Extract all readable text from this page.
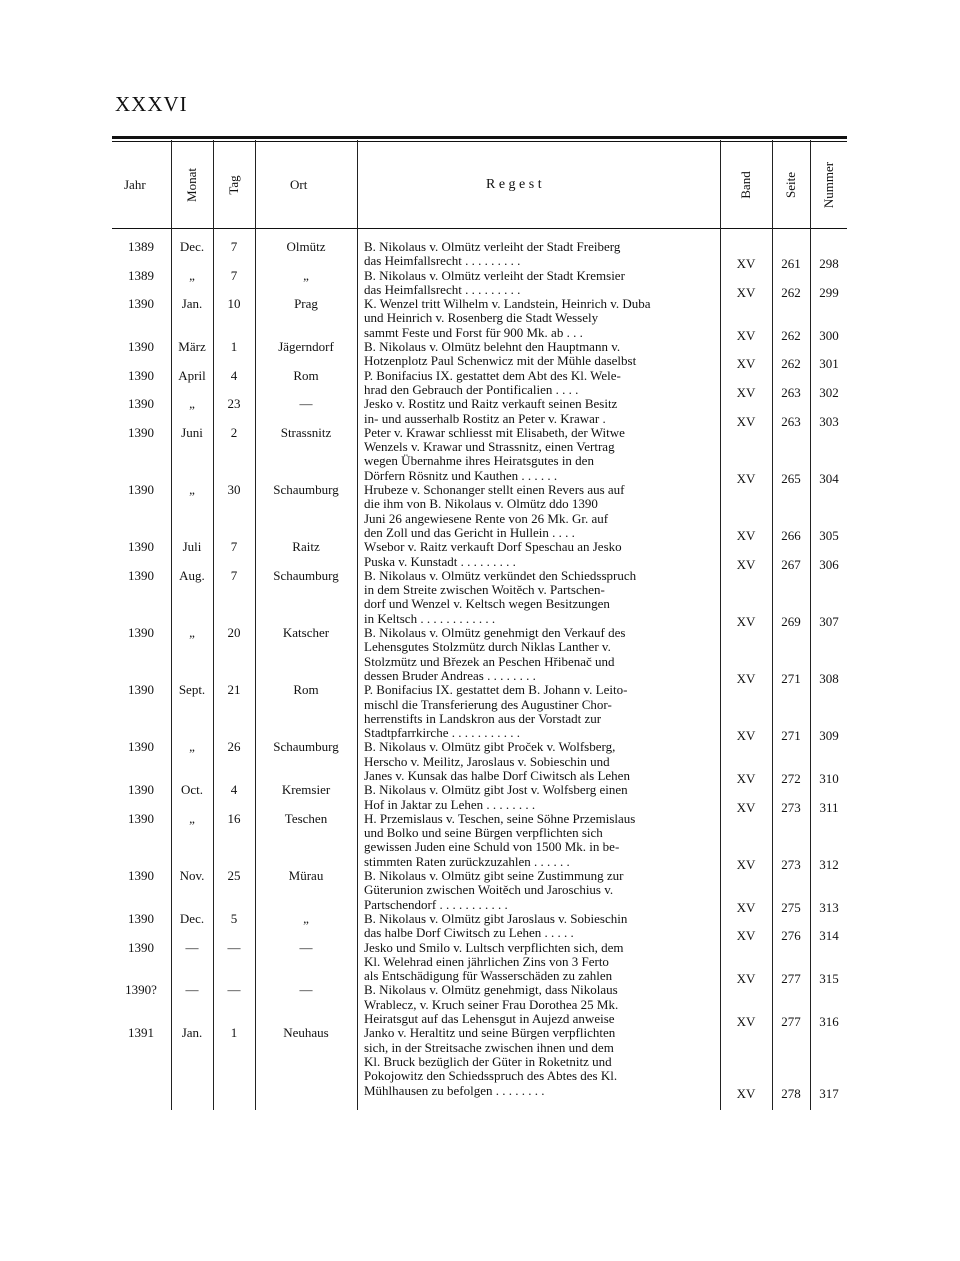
XXXVI
Jahr	Monat Tag	Ort	R e g e s t	Band Seite Nummer
1389	Dec.	7	Olmütz	B. Nikolaus v. Olmütz verleiht der Stadt Freiberg
das Heimfallsrecht . . . . . . . . .	XV	261	298
1389	„	7	„	B. Nikolaus v. Olmütz verleiht der Stadt Kremsier
das Heimfallsrecht . . . . . . . . .	XV	262	299
1390	Jan.	10	Prag	K. Wenzel tritt Wilhelm v. Landstein, Heinrich v. Duba
und Heinrich v. Rosenberg die Stadt Wessely
sammt Feste und Forst für 900 Mk. ab . . .	XV	262	300
1390	März	1	Jägerndorf	B. Nikolaus v. Olmütz belehnt den Hauptmann v.
Hotzenplotz Paul Schenwicz mit der Mühle daselbst	XV	262	301
1390	April	4	Rom	P. Bonifacius IX. gestattet dem Abt des Kl. Wele-
hrad den Gebrauch der Pontificalien . . . .	XV	263	302
1390	„	23	—	Jesko v. Rostitz und Raitz verkauft seinen Besitz
in- und ausserhalb Rostitz an Peter v. Krawar .	XV	263	303
1390	Juni	2	Strassnitz	Peter v. Krawar schliesst mit Elisabeth, der Witwe
Wenzels v. Krawar und Strassnitz, einen Vertrag
wegen Übernahme ihres Heiratsgutes in den
Dörfern Rösnitz und Kauthen . . . . . .	XV	265	304
1390	„	30	Schaumburg	Hrubeze v. Schonanger stellt einen Revers aus auf
die ihm von B. Nikolaus v. Olmütz ddo 1390
Juni 26 angewiesene Rente von 26 Mk. Gr. auf
den Zoll und das Gericht in Hullein . . . .	XV	266	305
1390	Juli	7	Raitz	Wsebor v. Raitz verkauft Dorf Speschau an Jesko
Puska v. Kunstadt . . . . . . . . .	XV	267	306
1390	Aug.	7	Schaumburg	B. Nikolaus v. Olmütz verkündet den Schiedsspruch
in dem Streite zwischen Woitěch v. Partschen-
dorf und Wenzel v. Keltsch wegen Besitzungen
in Keltsch . . . . . . . . . . . .	XV	269	307
1390	„	20	Katscher	B. Nikolaus v. Olmütz genehmigt den Verkauf des
Lehensgutes Stolzmütz durch Niklas Lanther v.
Stolzmütz und Březek an Peschen Hřibenač und
dessen Bruder Andreas . . . . . . . .	XV	271	308
1390	Sept.	21	Rom	P. Bonifacius IX. gestattet dem B. Johann v. Leito-
mischl die Transferierung des Augustiner Chor-
herrenstifts in Landskron aus der Vorstadt zur
Stadtpfarrkirche . . . . . . . . . . .	XV	271	309
1390	„	26	Schaumburg	B. Nikolaus v. Olmütz gibt Proček v. Wolfsberg,
Herscho v. Meilitz, Jaroslaus v. Sobieschin und
Janes v. Kunsak das halbe Dorf Ciwitsch als Lehen	XV	272	310
1390	Oct.	4	Kremsier	B. Nikolaus v. Olmütz gibt Jost v. Wolfsberg einen
Hof in Jaktar zu Lehen . . . . . . . .	XV	273	311
1390	„	16	Teschen	H. Przemislaus v. Teschen, seine Söhne Przemislaus
und Bolko und seine Bürgen verpflichten sich
gewissen Juden eine Schuld von 1500 Mk. in be-
stimmten Raten zurückzuzahlen . . . . . .	XV	273	312
1390	Nov.	25	Mürau	B. Nikolaus v. Olmütz gibt seine Zustimmung zur
Güterunion zwischen Woitěch und Jaroschius v.
Partschendorf . . . . . . . . . . .	XV	275	313
1390	Dec.	5	„	B. Nikolaus v. Olmütz gibt Jaroslaus v. Sobieschin
das halbe Dorf Ciwitsch zu Lehen . . . . .	XV	276	314
1390	—	—	—	Jesko und Smilo v. Lultsch verpflichten sich, dem
Kl. Welehrad einen jährlichen Zins von 3 Ferto
als Entschädigung für Wasserschäden zu zahlen	XV	277	315
1390?	—	—	—	B. Nikolaus v. Olmütz genehmigt, dass Nikolaus
Wrablecz, v. Kruch seiner Frau Dorothea 25 Mk.
Heiratsgut auf das Lehensgut in Aujezd anweise	XV	277	316
1391	Jan.	1	Neuhaus	Janko v. Heraltitz und seine Bürgen verpflichten
sich, in der Streitsache zwischen ihnen und dem
Kl. Bruck bezüglich der Güter in Roketnitz und
Pokojowitz den Schiedsspruch des Abtes des Kl.
Mühlhausen zu befolgen . . . . . . . .	XV	278	317
